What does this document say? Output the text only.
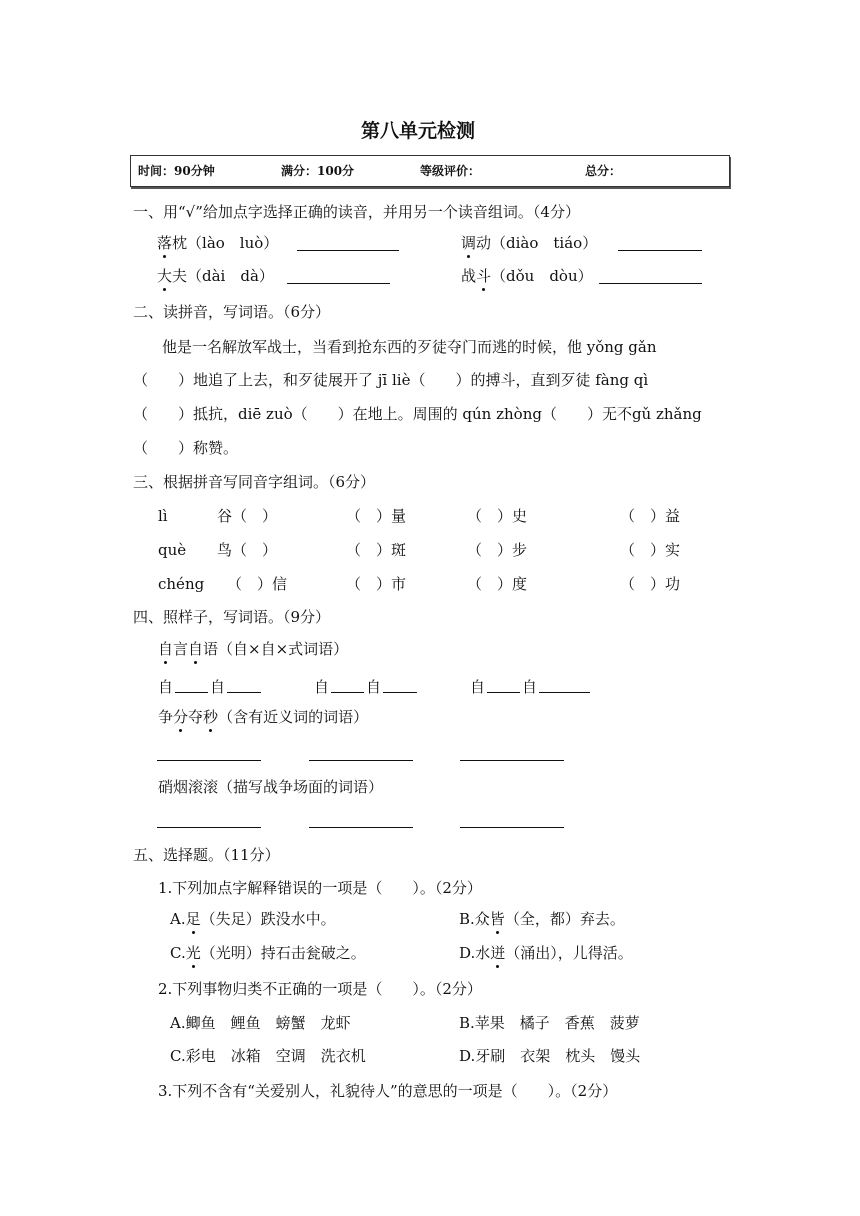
第八单元检测
时间：90分钟	满分：100分	等级评价：	总分：
一、用“√”给加点字选择正确的读音，并用另一个读音组词。（4分）
落枕（lào　luò）	调动（diào　tiáo）
大夫（dài　dà）	战斗（dǒu　dòu）
二、读拼音，写词语。（6分）
他是一名解放军战士，当看到抢东西的歹徒夺门而逃的时候，他 yǒng gǎn
（　　）地追了上去，和歹徒展开了 jī liè（　　）的搏斗，直到歹徒 fàng qì
（　　）抵抗，diē zuò（　　）在地上。周围的 qún zhòng（　　）无不gǔ zhǎng
（　　）称赞。
三、根据拼音写同音字组词。（6分）
lì	谷（　）	（　）量	（　）史	（　）益
què 鸟（　）	（　）斑	（　）步	（　）实
chéng （　）信	（　）市	（　）度	（　）功
四、照样子，写词语。（9分）
自言自语（自×自×式词语）
自 自	自 自	自 自
争分夺秒（含有近义词的词语）
硝烟滚滚（描写战争场面的词语）
五、选择题。（11分）
1.下列加点字解释错误的一项是（　　）。（2分）
A.足（失足）跌没水中。	B.众皆（全，都）弃去。
C.光（光明）持石击瓮破之。	D.水迸（涌出），儿得活。
2.下列事物归类不正确的一项是（　　）。（2分）
A.鲫鱼　鲤鱼　螃蟹　龙虾	B.苹果　橘子　香蕉　菠萝
C.彩电　冰箱　空调　洗衣机	D.牙刷　衣架　枕头　馒头
3.下列不含有“关爱别人，礼貌待人”的意思的一项是（　　）。（2分）
